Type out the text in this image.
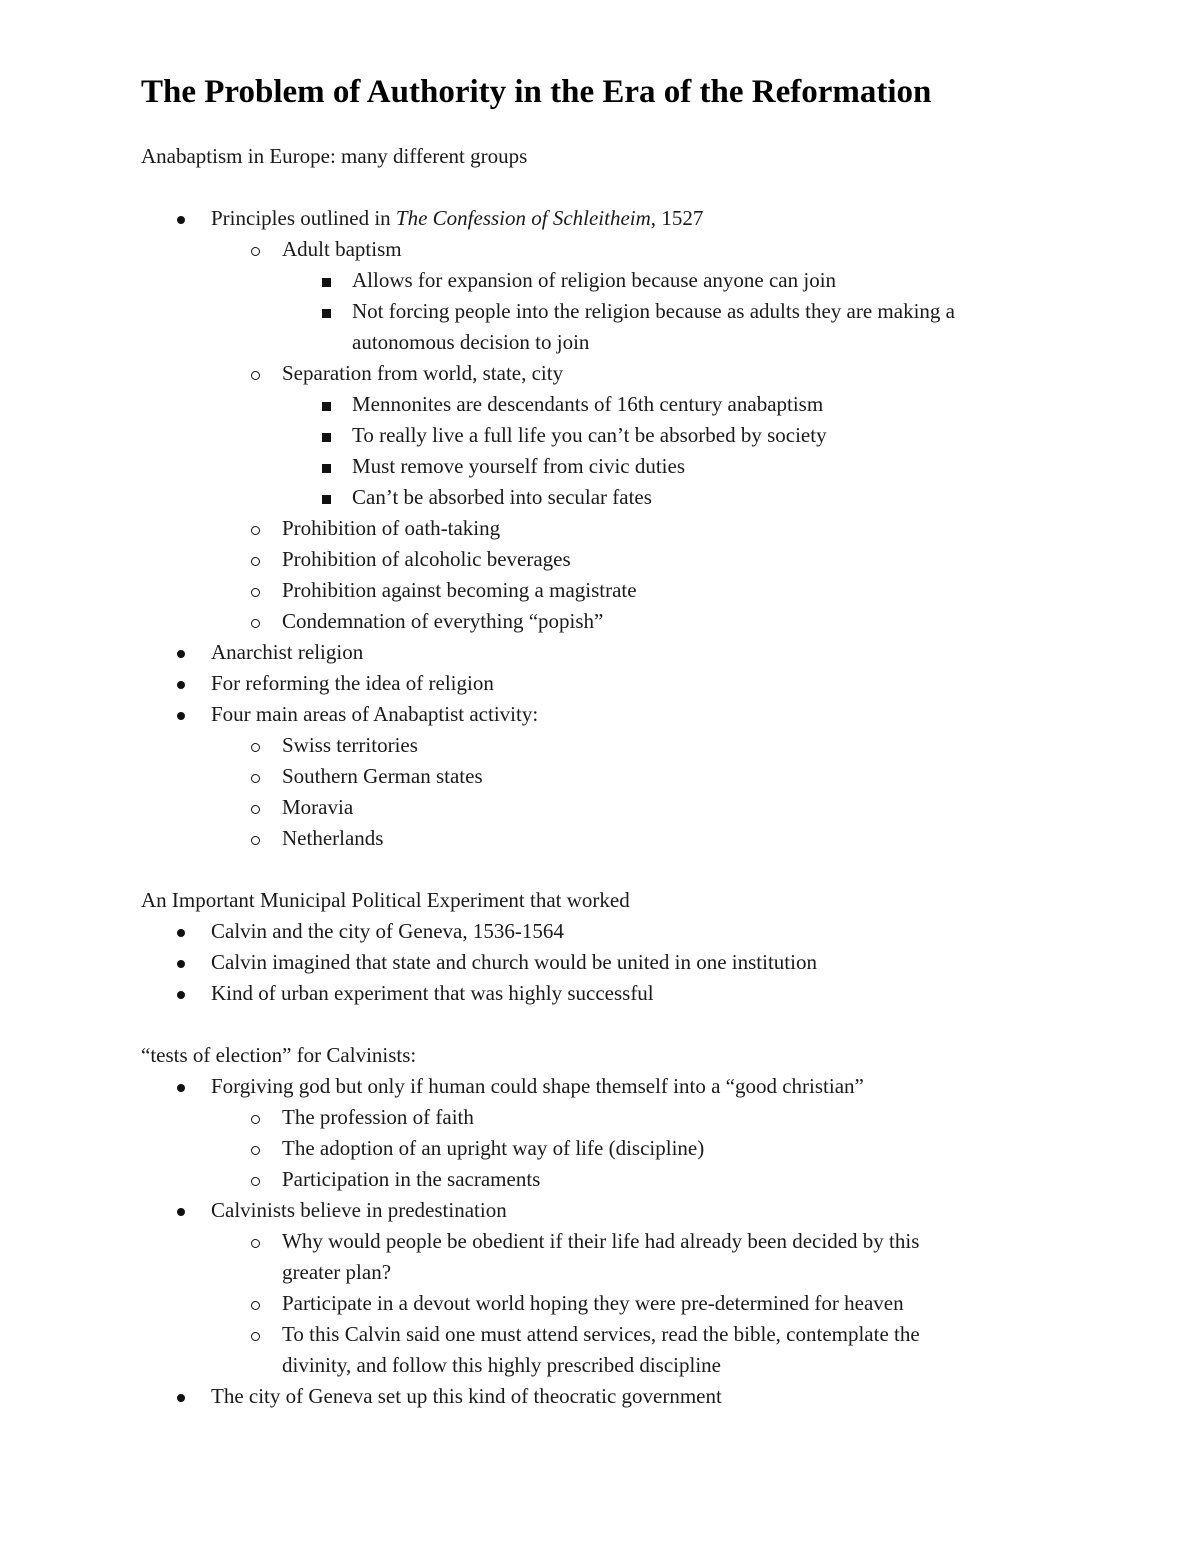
The Problem of Authority in the Era of the Reformation
Anabaptism in Europe: many different groups
Principles outlined in The Confession of Schleitheim, 1527
Adult baptism
Allows for expansion of religion because anyone can join
Not forcing people into the religion because as adults they are making a
autonomous decision to join
Separation from world, state, city
Mennonites are descendants of 16th century anabaptism
To really live a full life you can’t be absorbed by society
Must remove yourself from civic duties
Can’t be absorbed into secular fates
Prohibition of oath-taking
Prohibition of alcoholic beverages
Prohibition against becoming a magistrate
Condemnation of everything “popish”
Anarchist religion
For reforming the idea of religion
Four main areas of Anabaptist activity:
Swiss territories
Southern German states
Moravia
Netherlands
An Important Municipal Political Experiment that worked
Calvin and the city of Geneva, 1536-1564
Calvin imagined that state and church would be united in one institution
Kind of urban experiment that was highly successful
“tests of election” for Calvinists:
Forgiving god but only if human could shape themself into a “good christian”
The profession of faith
The adoption of an upright way of life (discipline)
Participation in the sacraments
Calvinists believe in predestination
Why would people be obedient if their life had already been decided by this
greater plan?
Participate in a devout world hoping they were pre-determined for heaven
To this Calvin said one must attend services, read the bible, contemplate the
divinity, and follow this highly prescribed discipline
The city of Geneva set up this kind of theocratic government
